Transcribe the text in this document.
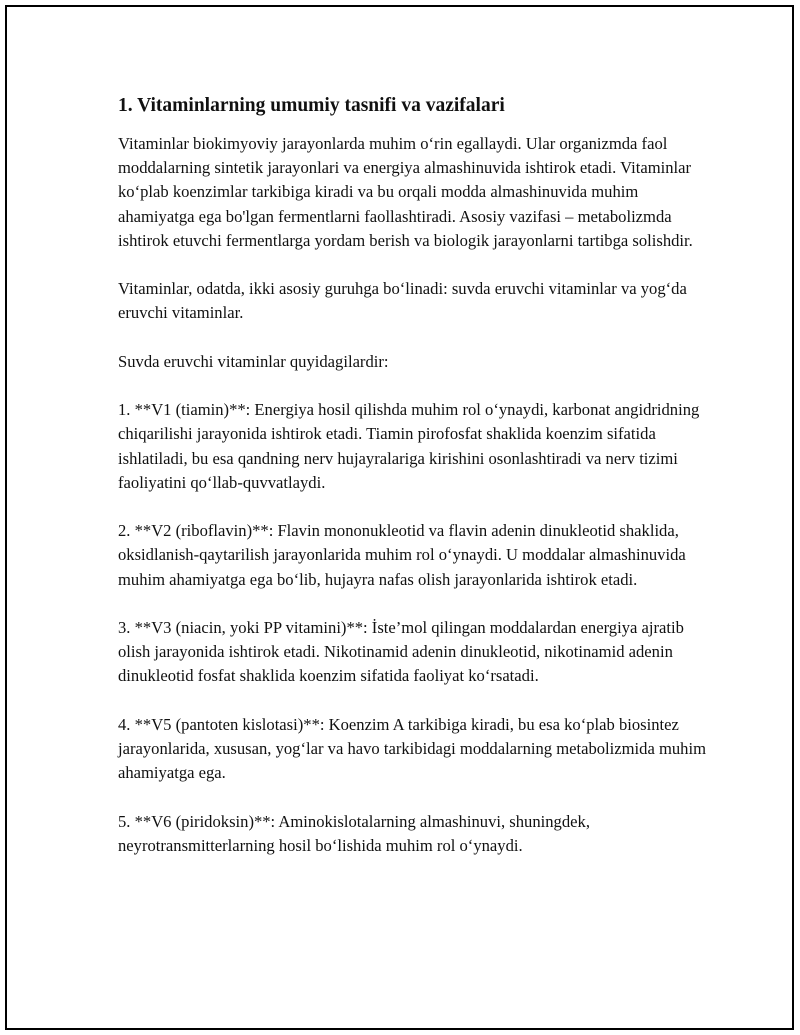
1. Vitaminlarning umumiy tasnifi va vazifalari

Vitaminlar biokimyoviy jarayonlarda muhim o‘rin egallaydi. Ular organizmda faol moddalarning sintetik jarayonlari va energiya almashinuvida ishtirok etadi. Vitaminlar ko‘plab koenzimlar tarkibiga kiradi va bu orqali modda almashinuvida muhim ahamiyatga ega bo'lgan fermentlarni faollashtiradi. Asosiy vazifasi – metabolizmda ishtirok etuvchi fermentlarga yordam berish va biologik jarayonlarni tartibga solishdir.

Vitaminlar, odatda, ikki asosiy guruhga bo‘linadi: suvda eruvchi vitaminlar va yog‘da eruvchi vitaminlar.

Suvda eruvchi vitaminlar quyidagilardir:

1. **V1 (tiamin)**: Energiya hosil qilishda muhim rol o‘ynaydi, karbonat angidridning chiqarilishi jarayonida ishtirok etadi. Tiamin pirofosfat shaklida koenzim sifatida ishlatiladi, bu esa qandning nerv hujayralariga kirishini osonlashtiradi va nerv tizimi faoliyatini qo‘llab-quvvatlaydi.

2. **V2 (riboflavin)**: Flavin mononukleotid va flavin adenin dinukleotid shaklida, oksidlanish-qaytarilish jarayonlarida muhim rol o‘ynaydi. U moddalar almashinuvida muhim ahamiyatga ega bo‘lib, hujayra nafas olish jarayonlarida ishtirok etadi.

3. **V3 (niacin, yoki PP vitamini)**: İste’mol qilingan moddalardan energiya ajratib olish jarayonida ishtirok etadi. Nikotinamid adenin dinukleotid, nikotinamid adenin dinukleotid fosfat shaklida koenzim sifatida faoliyat ko‘rsatadi.

4. **V5 (pantoten kislotasi)**: Koenzim A tarkibiga kiradi, bu esa ko‘plab biosintez jarayonlarida, xususan, yog‘lar va havo tarkibidagi moddalarning metabolizmida muhim ahamiyatga ega.

5. **V6 (piridoksin)**: Aminokislotalarning almashinuvi, shuningdek, neyrotransmitterlarning hosil bo‘lishida muhim rol o‘ynaydi.
